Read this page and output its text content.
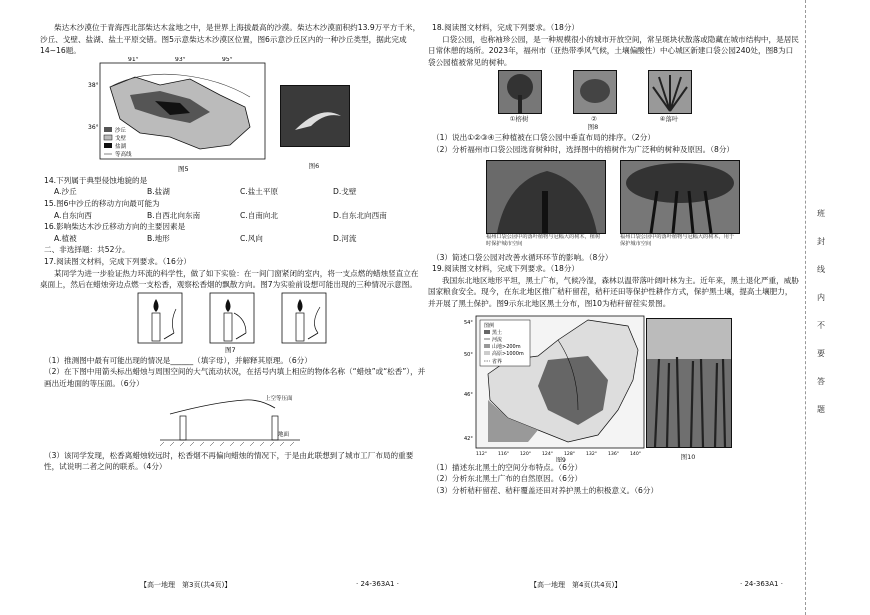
柴达木沙漠位于青海西北部柴达木盆地之中，是世界上海拔最高的沙漠。柴达木沙漠面积约13.9万平方千米，沙丘、戈壁、盐湖、盐土平原交错。图5示意柴达木沙漠区位置，图6示意沙丘区内的一种沙丘类型，据此完成14~16题。

91°	93°	95°
38°
36°	沙丘
戈壁
盐湖
等高线
图5	图6

14.下列属于典型侵蚀地貌的是

A.沙丘	B.盐湖	C.盐土平原	D.戈壁

15.图6中沙丘的移动方向最可能为

A.自东向西	B.自西北向东南	C.自南向北	D.自东北向西南

16.影响柴达木沙丘移动方向的主要因素是

A.植被	B.地形	C.风向	D.河流

二、非选择题：共52分。

17.阅读图文材料，完成下列要求。（16分）

某同学为进一步验证热力环流的科学性，做了如下实验：在一间门窗紧闭的室内，将一支点燃的蜡烛竖直立在桌面上，然后在蜡烛旁边点燃一支松香，观察松香烟的飘散方向。图7为实验前设想可能出现的三种情况示意图。

图7

（1）推测图中最有可能出现的情况是______（填字母），并解释其原理。（6分）

（2）在下图中用箭头标出蜡烛与周围空间的大气流动状况，在括号内填上相应的物体名称（“蜡烛”或“松香”），并画出近地面的等压面。（6分）

上空等压面
地面

（3）该同学发现，松香离蜡烛较远时，松香烟不再偏向蜡烛的情况下，于是由此联想到了城市工厂布局的重要性，试说明二者之间的联系。（4分）

18.阅读图文材料，完成下列要求。（18分）

口袋公园，也称袖珍公园，是一种规模很小的城市开放空间，常呈斑块状散落或隐藏在城市结构中，是居民日常休憩的场所。2023年，福州市（亚热带季风气候，土壤偏酸性）中心城区新建口袋公园240处，图8为口袋公园植被常见的树种。

①榕树	②	④落叶
图8

（1）说出①②③④三种植被在口袋公园中垂直布局的排序。（2分）

（2）分析福州市口袋公园选育树种时，选择图中的榕树作为广泛种的树种及原因。（8分）

福州口袋公园中的落叶植物与冠幅大的树木，植树时保护城市空间
福州口袋公园中的落叶植物与冠幅大的树木，用于保护城市空间

（3）简述口袋公园对改善水循环环节的影响。（8分）

19.阅读图文材料，完成下列要求。（18分）

我国东北地区地形平坦，黑土广布，气候冷湿，森林以温带落叶阔叶林为主。近年来，黑土退化严重，威胁国家粮食安全。现今，在东北地区推广秸秆留茬，秸秆还田等保护性耕作方式，保护黑土壤，提高土壤肥力，并开展了黑土保护。图9示东北地区黑土分布，图10为秸秆留茬实景图。

图例
黑土
河流
山地>200m
高原>1000m
省界
54°
50°
46°
42°
112° 116° 120° 124° 128° 132° 136° 140°
图9	图10

（1）描述东北黑土的空间分布特点。（6分）

（2）分析东北黑土广布的自然原因。（6分）

（3）分析秸秆留茬、秸秆覆盖还田对养护黑土的积极意义。（6分）

【高一地理　第3页(共4页)】	· 24-363A1 ·	【高一地理　第4页(共4页)】	· 24-363A1 ·
班
封
线
内
不
要
答
题
